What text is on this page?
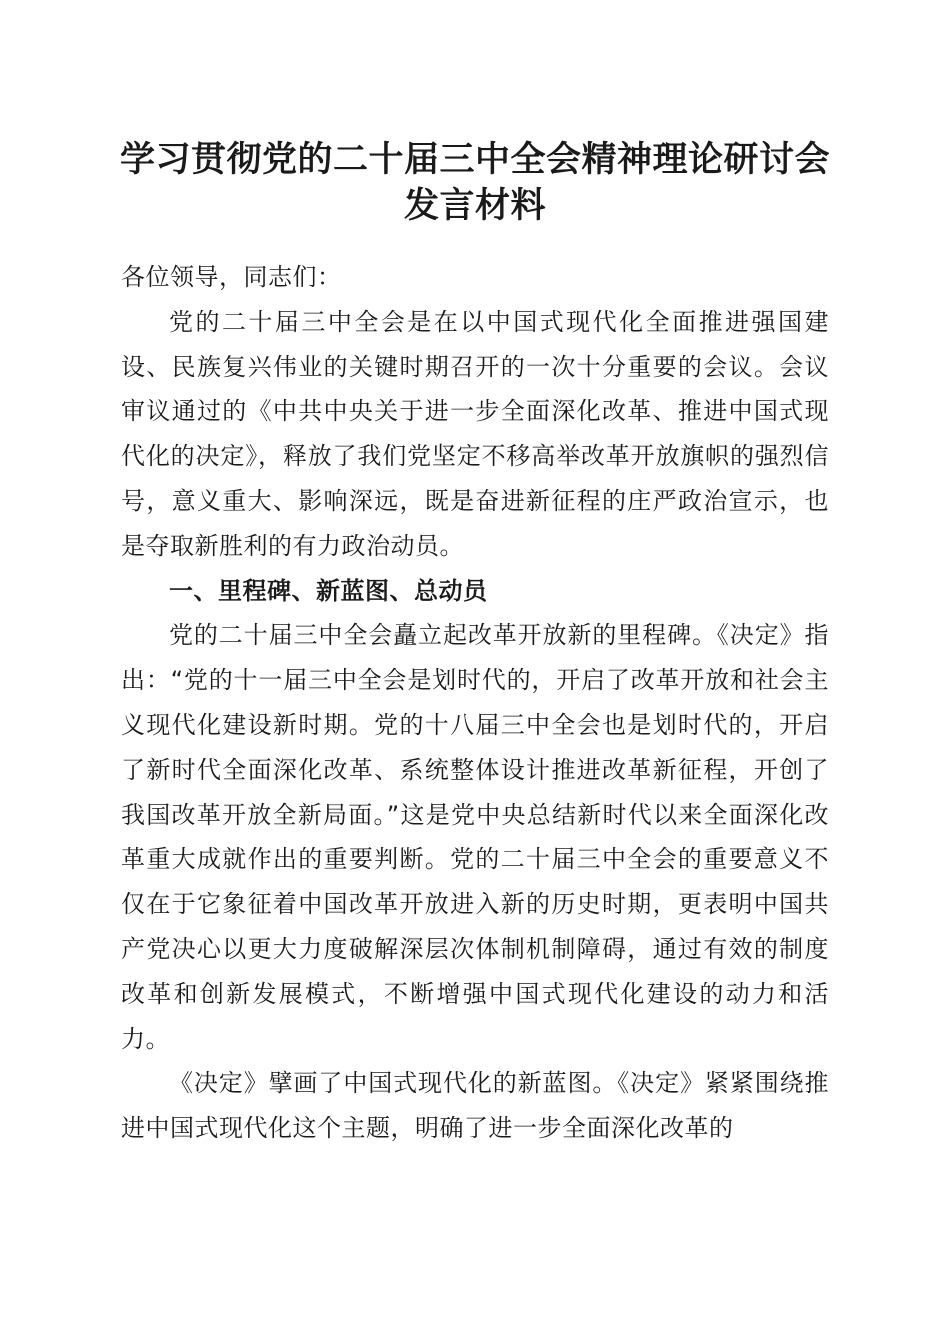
学习贯彻党的二十届三中全会精神理论研讨会
发言材料

各位领导，同志们：

党的二十届三中全会是在以中国式现代化全面推进强国建设、民族复兴伟业的关键时期召开的一次十分重要的会议。会议审议通过的《中共中央关于进一步全面深化改革、推进中国式现代化的决定》，释放了我们党坚定不移高举改革开放旗帜的强烈信号，意义重大、影响深远，既是奋进新征程的庄严政治宣示，也是夺取新胜利的有力政治动员。

一、里程碑、新蓝图、总动员

党的二十届三中全会矗立起改革开放新的里程碑。《决定》指出：“党的十一届三中全会是划时代的，开启了改革开放和社会主义现代化建设新时期。党的十八届三中全会也是划时代的，开启了新时代全面深化改革、系统整体设计推进改革新征程，开创了我国改革开放全新局面。”这是党中央总结新时代以来全面深化改革重大成就作出的重要判断。党的二十届三中全会的重要意义不仅在于它象征着中国改革开放进入新的历史时期，更表明中国共产党决心以更大力度破解深层次体制机制障碍，通过有效的制度改革和创新发展模式，不断增强中国式现代化建设的动力和活力。

《决定》擘画了中国式现代化的新蓝图。《决定》紧紧围绕推进中国式现代化这个主题，明确了进一步全面深化改革的
